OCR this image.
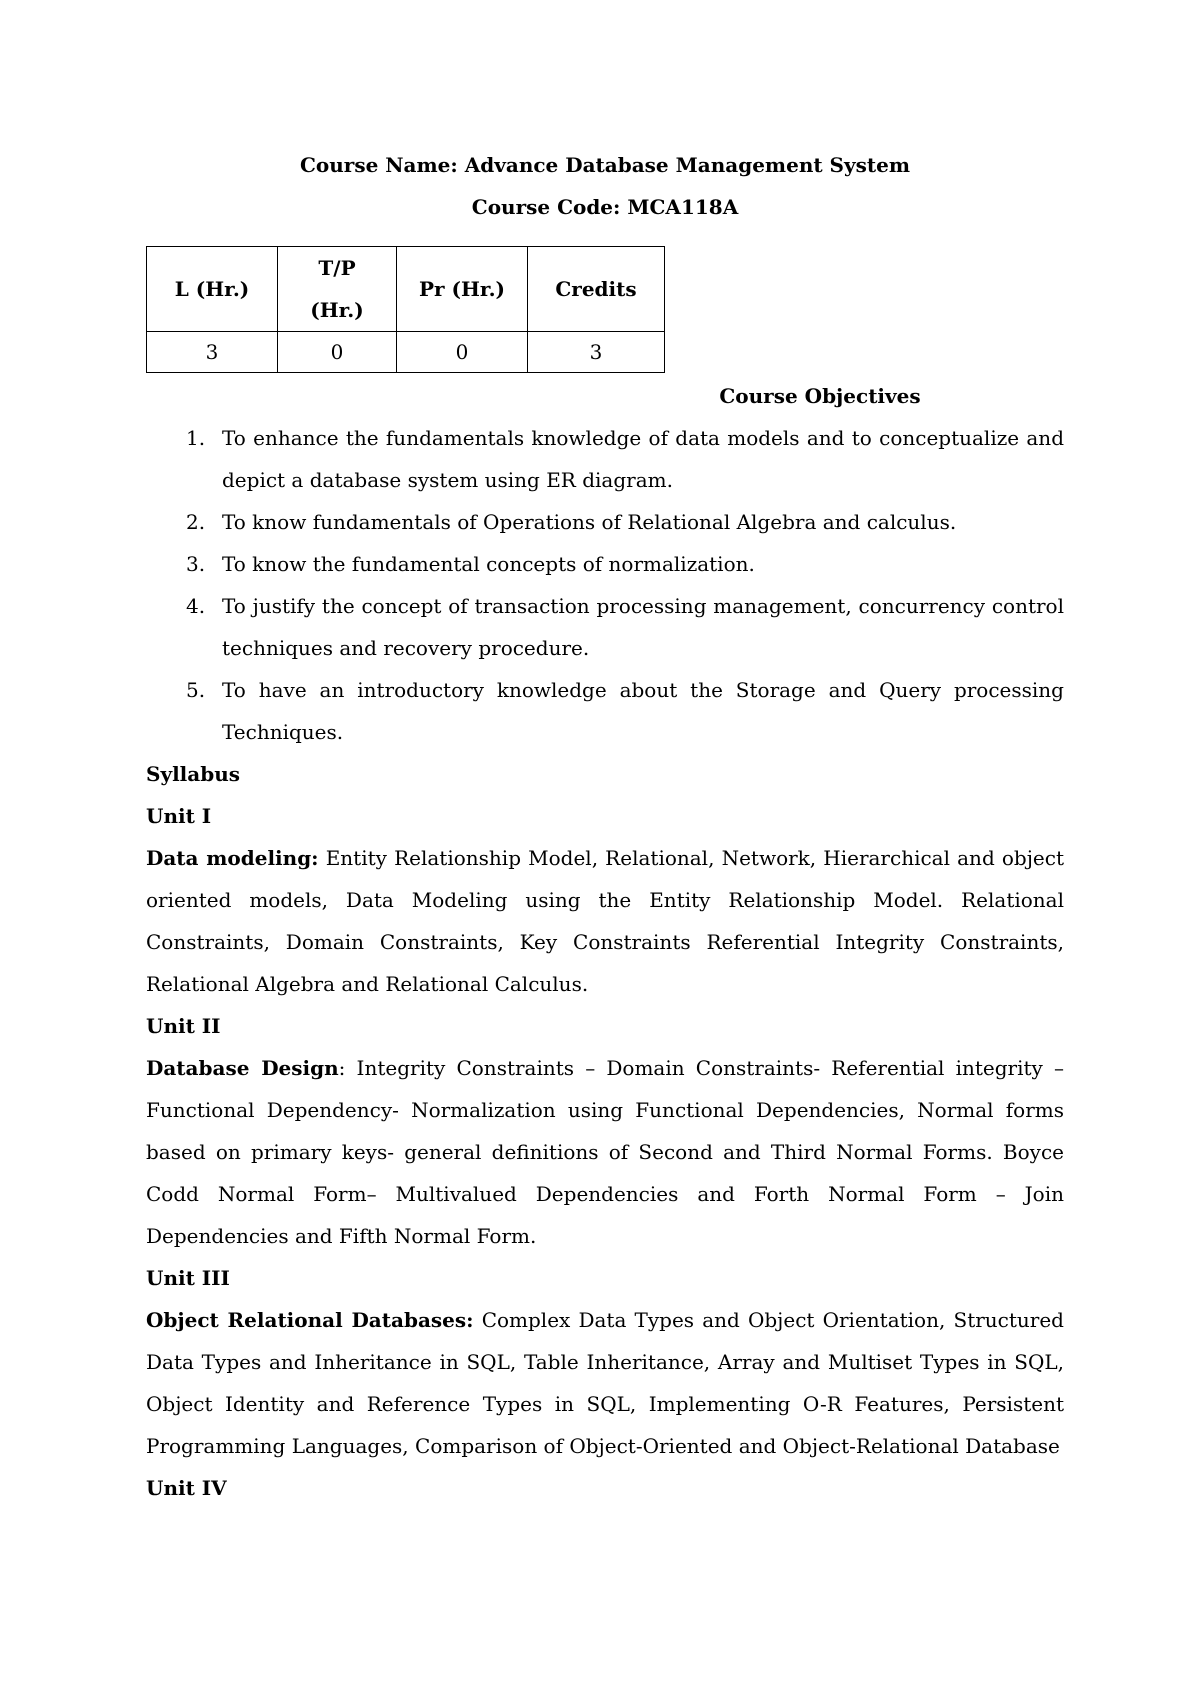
Course Name: Advance Database Management System
Course Code: MCA118A
L (Hr.)	T/P (Hr.)	Pr (Hr.)	Credits
3	0	0	3
Course Objectives
1. To enhance the fundamentals knowledge of data models and to conceptualize and depict a database system using ER diagram.
2. To know fundamentals of Operations of Relational Algebra and calculus.
3. To know the fundamental concepts of normalization.
4. To justify the concept of transaction processing management, concurrency control techniques and recovery procedure.
5. To have an introductory knowledge about the Storage and Query processing Techniques.
Syllabus
Unit I

Data modeling: Entity Relationship Model, Relational, Network, Hierarchical and object oriented models, Data Modeling using the Entity Relationship Model. Relational Constraints, Domain Constraints, Key Constraints Referential Integrity Constraints, Relational Algebra and Relational Calculus.

Unit II

Database Design: Integrity Constraints – Domain Constraints- Referential integrity – Functional Dependency- Normalization using Functional Dependencies, Normal forms based on primary keys- general definitions of Second and Third Normal Forms. Boyce Codd Normal Form– Multivalued Dependencies and Forth Normal Form – Join Dependencies and Fifth Normal Form.

Unit III

Object Relational Databases: Complex Data Types and Object Orientation, Structured Data Types and Inheritance in SQL, Table Inheritance, Array and Multiset Types in SQL, Object Identity and Reference Types in SQL, Implementing O-R Features, Persistent Programming Languages, Comparison of Object-Oriented and Object-Relational Database

Unit IV
